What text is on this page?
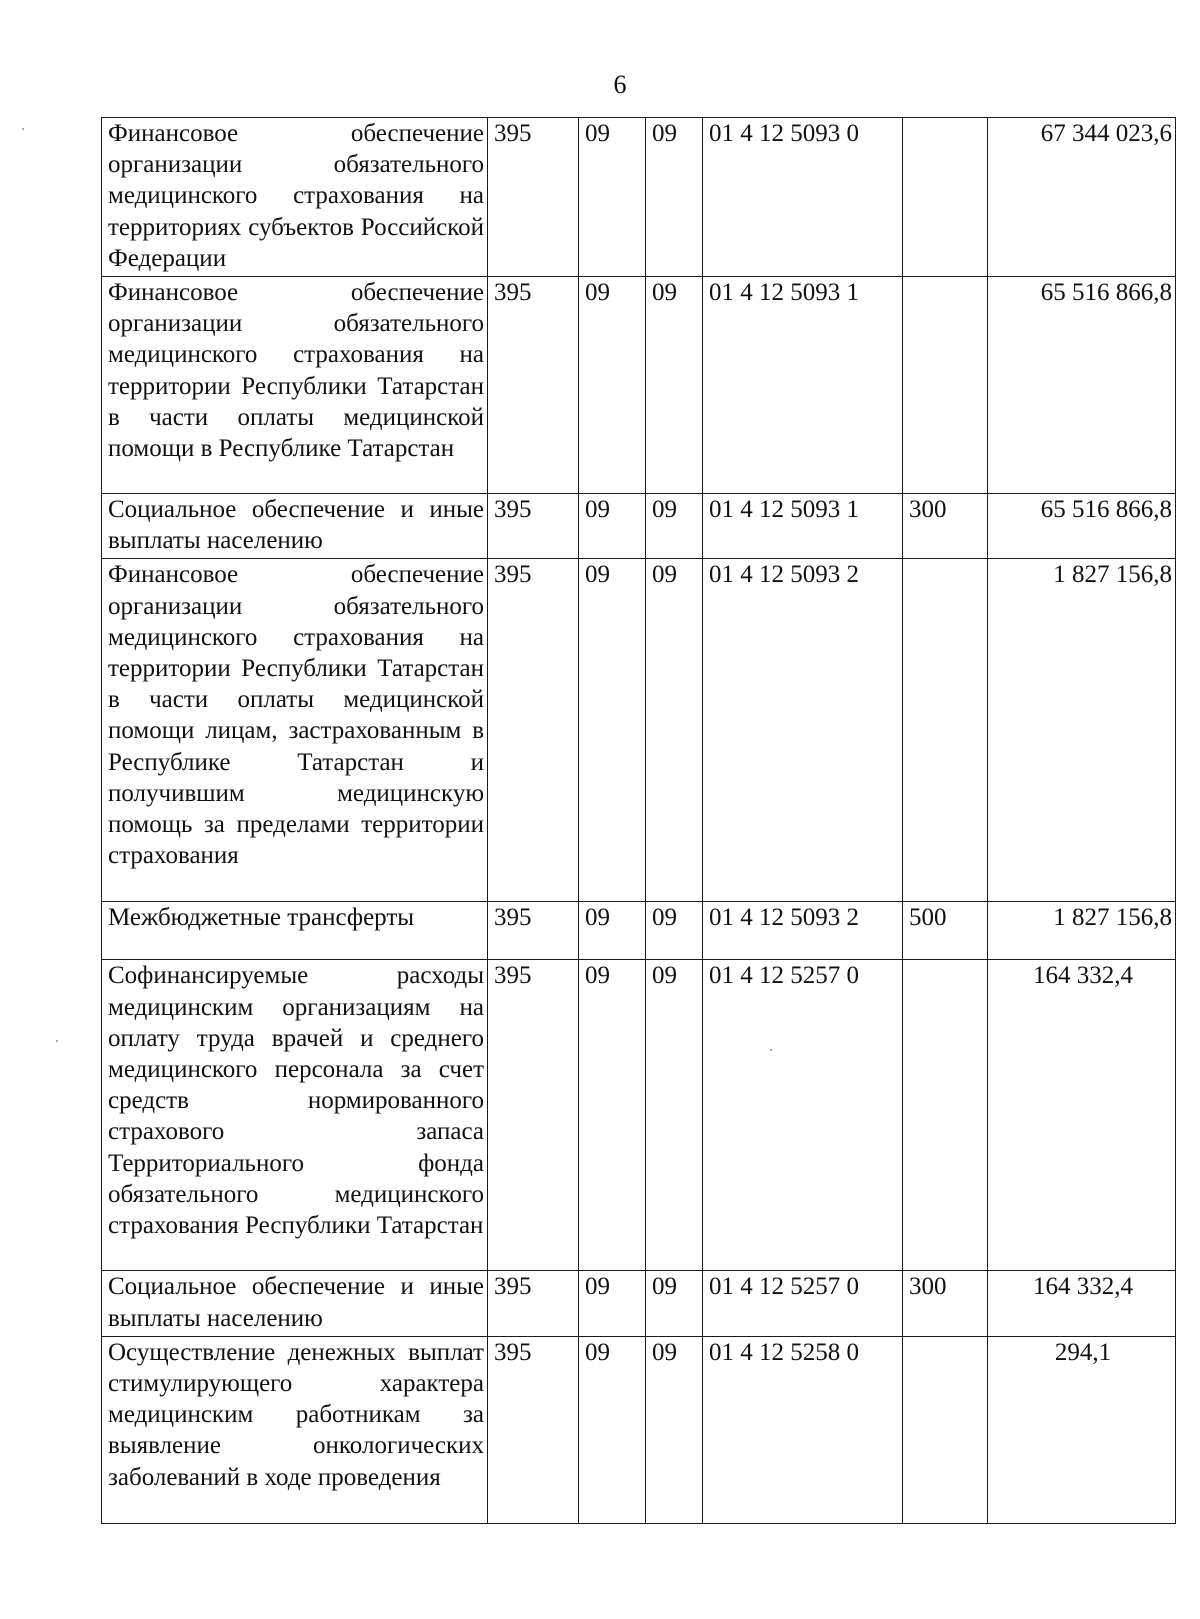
6
Финансовое обеспечение организации обязательного медицинского страхования на территориях субъектов Российской Федерации	395	09	09	01 4 12 5093 0		67 344 023,6
Финансовое обеспечение организации обязательного медицинского страхования на территории Республики Татарстан в части оплаты медицинской помощи в Республике Татарстан	395	09	09	01 4 12 5093 1		65 516 866,8
Социальное обеспечение и иные выплаты населению	395	09	09	01 4 12 5093 1	300	65 516 866,8
Финансовое обеспечение организации обязательного медицинского страхования на территории Республики Татарстан в части оплаты медицинской помощи лицам, застрахованным в Республике Татарстан и получившим медицинскую помощь за пределами территории страхования	395	09	09	01 4 12 5093 2		1 827 156,8
Межбюджетные трансферты	395	09	09	01 4 12 5093 2	500	1 827 156,8
Софинансируемые расходы медицинским организациям на оплату труда врачей и среднего медицинского персонала за счет средств нормированного страхового запаса Территориального фонда обязательного медицинского страхования Республики Татарстан	395	09	09	01 4 12 5257 0		164 332,4
Социальное обеспечение и иные выплаты населению	395	09	09	01 4 12 5257 0	300	164 332,4
Осуществление денежных выплат стимулирующего характера медицинским работникам за выявление онкологических заболеваний в ходе проведения	395	09	09	01 4 12 5258 0		294,1
